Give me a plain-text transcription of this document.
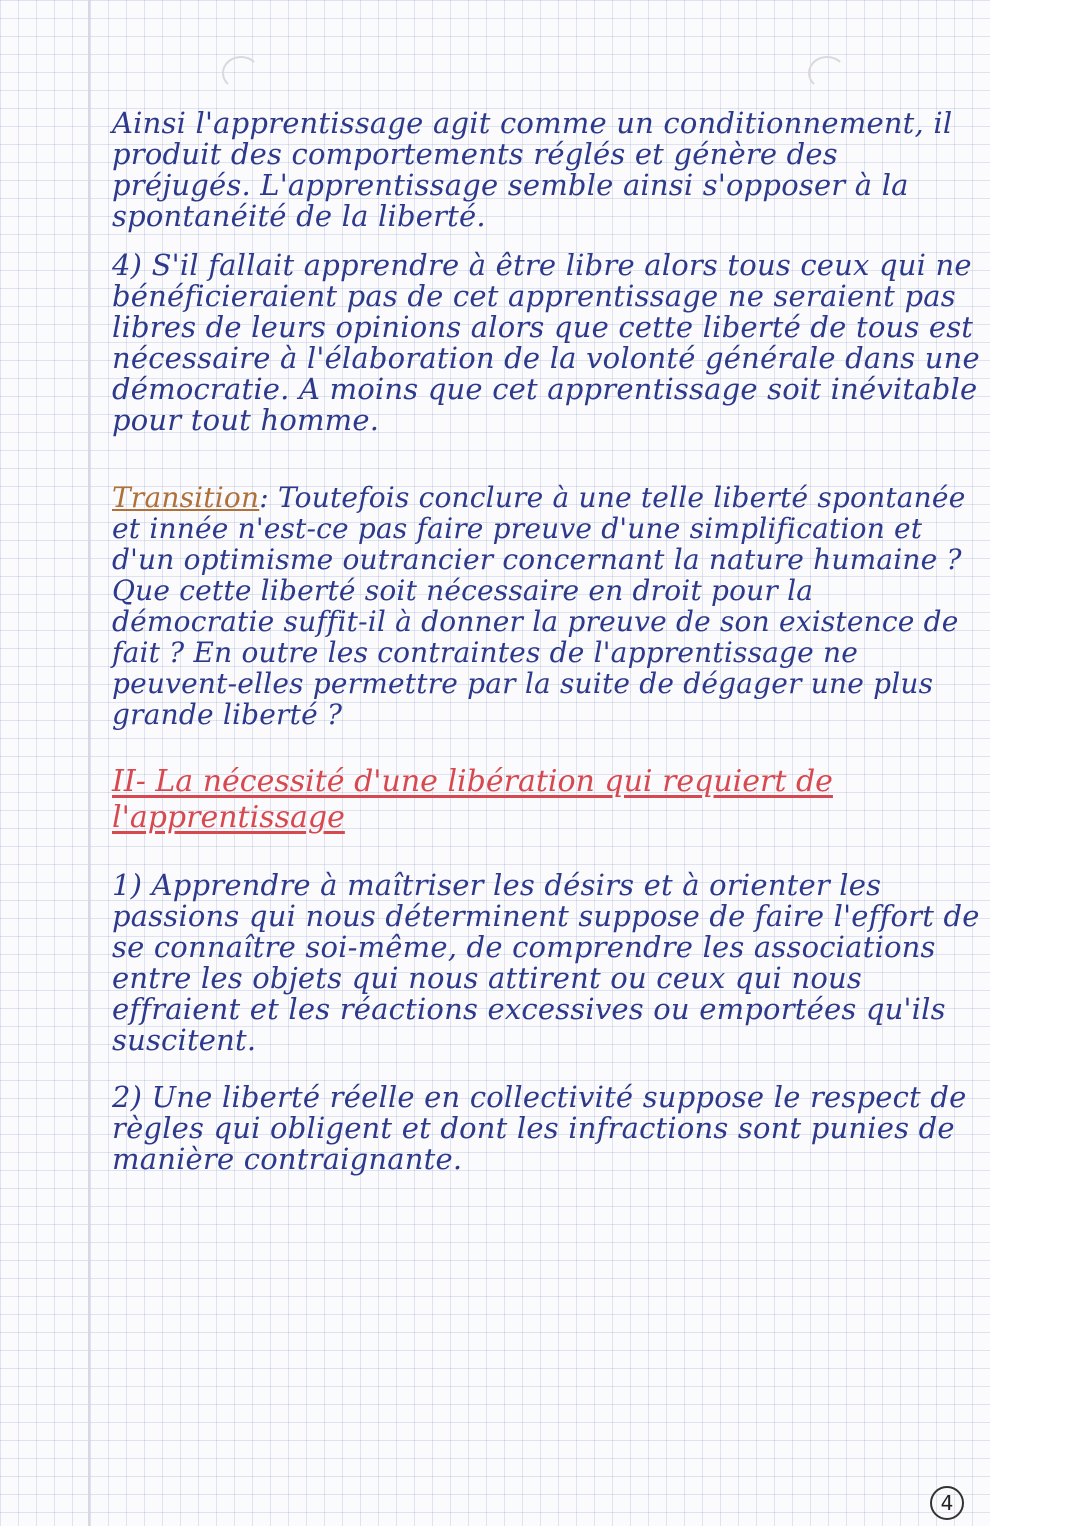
Ainsi l'apprentissage agit comme un conditionnement, il produit des comportements réglés et génère des préjugés. L'apprentissage semble ainsi s'opposer à la spontanéité de la liberté.

4) S'il fallait apprendre à être libre alors tous ceux qui ne bénéficieraient pas de cet apprentissage ne seraient pas libres de leurs opinions alors que cette liberté de tous est nécessaire à l'élaboration de la volonté générale dans une démocratie. A moins que cet apprentissage soit inévitable pour tout homme.

Transition: Toutefois conclure à une telle liberté spontanée et innée n'est-ce pas faire preuve d'une simplification et d'un optimisme outrancier concernant la nature humaine ? Que cette liberté soit nécessaire en droit pour la démocratie suffit-il à donner la preuve de son existence de fait ? En outre les contraintes de l'apprentissage ne peuvent-elles permettre par la suite de dégager une plus grande liberté ?

II- La nécessité d'une libération qui requiert de l'apprentissage

1) Apprendre à maîtriser les désirs et à orienter les passions qui nous déterminent suppose de faire l'effort de se connaître soi-même, de comprendre les associations entre les objets qui nous attirent ou ceux qui nous effraient et les réactions excessives ou emportées qu'ils suscitent.

2) Une liberté réelle en collectivité suppose le respect de règles qui obligent et dont les infractions sont punies de manière contraignante.

4
